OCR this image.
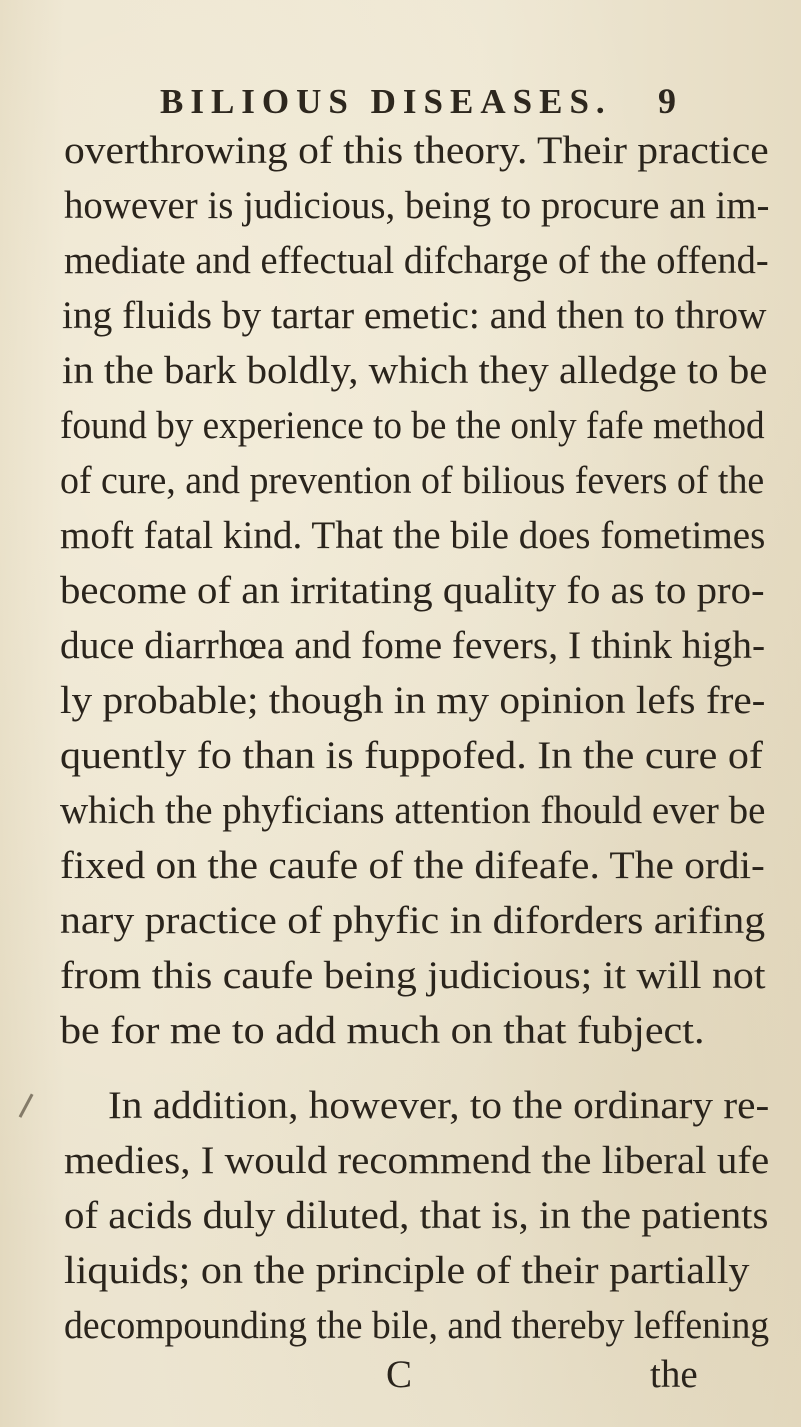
BILIOUS DISEASES. 9
overthrowing of this theory. Their practice
however is judicious, being to procure an im-
mediate and effectual difcharge of the offend-
ing fluids by tartar emetic: and then to throw
in the bark boldly, which they alledge to be
found by experience to be the only fafe method
of cure, and prevention of bilious fevers of the
moft fatal kind. That the bile does fometimes
become of an irritating quality fo as to pro-
duce diarrhœa and fome fevers, I think high-
ly probable; though in my opinion lefs fre-
quently fo than is fuppofed. In the cure of
which the phyficians attention fhould ever be
fixed on the caufe of the difeafe. The ordi-
nary practice of phyfic in diforders arifing
from this caufe being judicious; it will not
be for me to add much on that fubject.
In addition, however, to the ordinary re-
medies, I would recommend the liberal ufe
of acids duly diluted, that is, in the patients
liquids; on the principle of their partially
decompounding the bile, and thereby leffening
C	the
